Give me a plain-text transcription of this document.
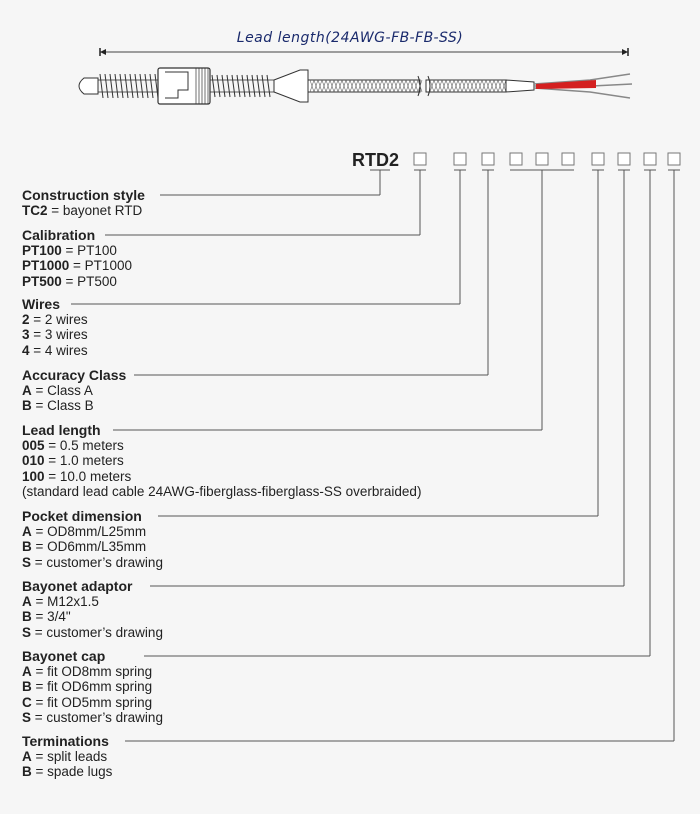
Lead length(24AWG-FB-FB-SS)
RTD2
Construction style
TC2 = bayonet RTD
Calibration
PT100 = PT100
PT1000 = PT1000
PT500 = PT500
Wires
2 = 2 wires
3 = 3 wires
4 = 4 wires
Accuracy Class
A = Class A
B = Class B
Lead length
005 = 0.5 meters
010 = 1.0 meters
100 = 10.0 meters
(standard lead cable 24AWG-fiberglass-fiberglass-SS overbraided)
Pocket dimension
A = OD8mm/L25mm
B = OD6mm/L35mm
S = customer’s drawing
Bayonet adaptor
A = M12x1.5
B = 3/4"
S = customer’s drawing
Bayonet cap
A = fit OD8mm spring
B = fit OD6mm spring
C = fit OD5mm spring
S = customer’s drawing
Terminations
A = split leads
B = spade lugs
